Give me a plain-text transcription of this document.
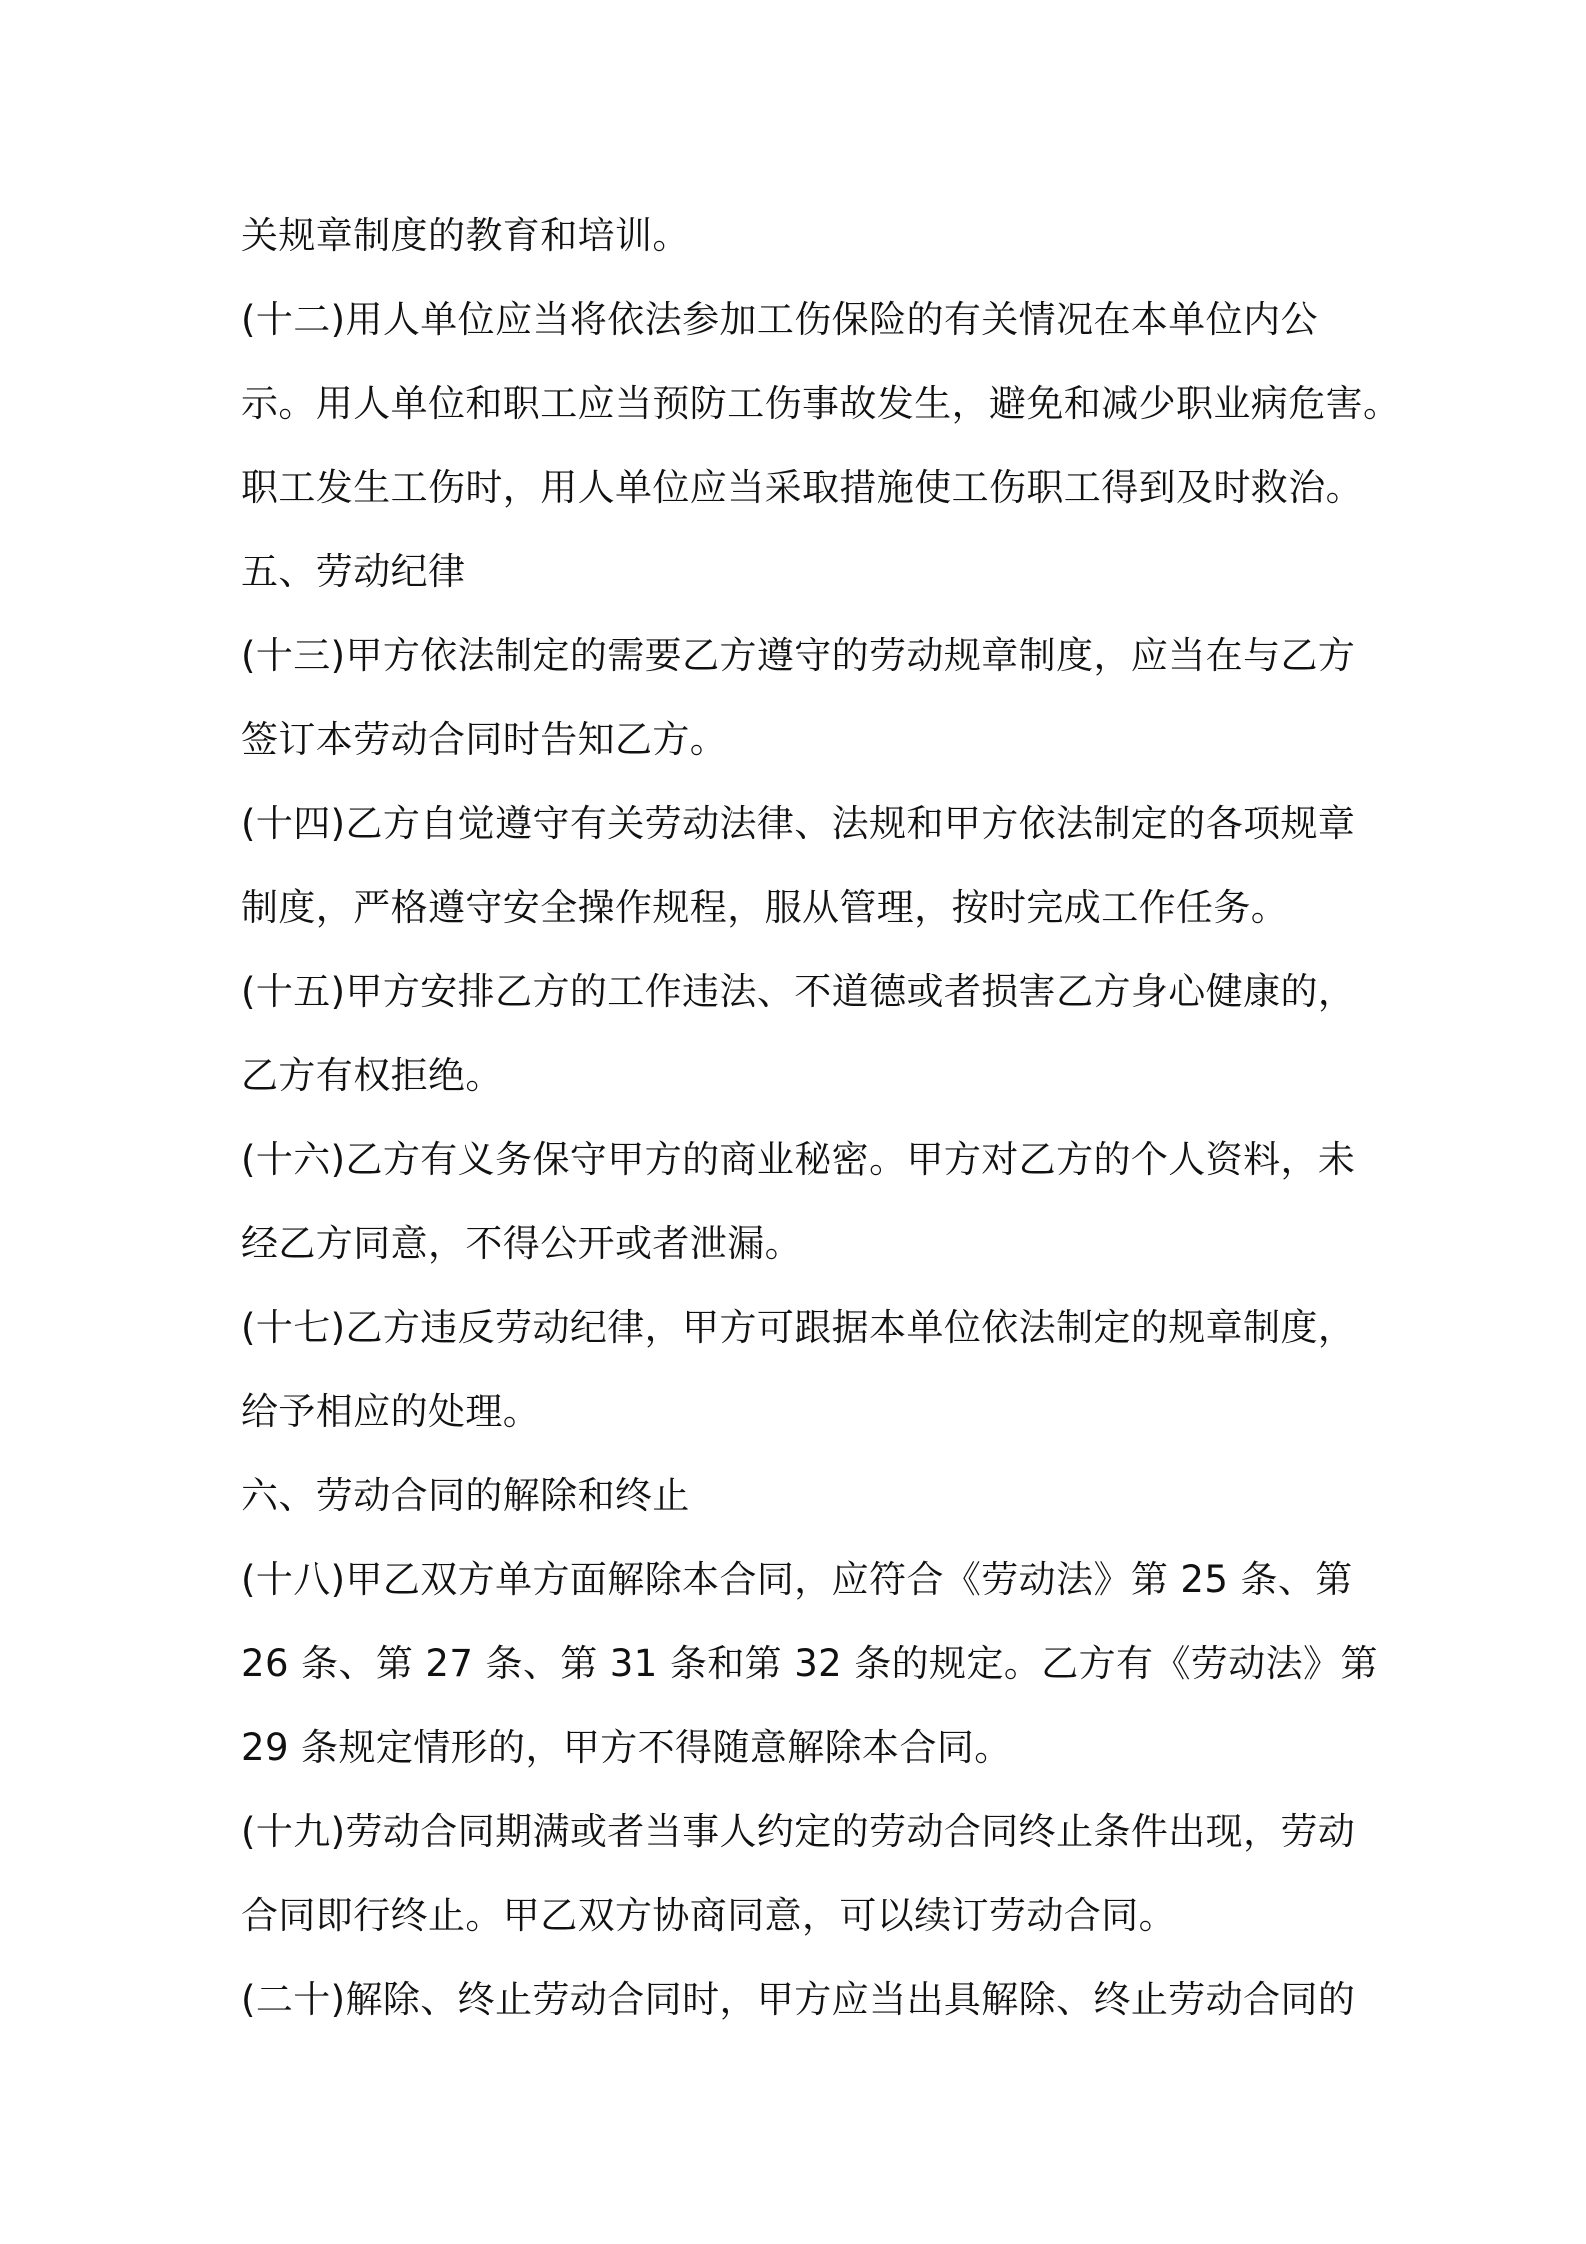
关规章制度的教育和培训。
(十二)用人单位应当将依法参加工伤保险的有关情况在本单位内公
示。用人单位和职工应当预防工伤事故发生，避免和减少职业病危害。
职工发生工伤时，用人单位应当采取措施使工伤职工得到及时救治。
五、劳动纪律
(十三)甲方依法制定的需要乙方遵守的劳动规章制度，应当在与乙方
签订本劳动合同时告知乙方。
(十四)乙方自觉遵守有关劳动法律、法规和甲方依法制定的各项规章
制度，严格遵守安全操作规程，服从管理，按时完成工作任务。
(十五)甲方安排乙方的工作违法、不道德或者损害乙方身心健康的，
乙方有权拒绝。
(十六)乙方有义务保守甲方的商业秘密。甲方对乙方的个人资料，未
经乙方同意，不得公开或者泄漏。
(十七)乙方违反劳动纪律，甲方可跟据本单位依法制定的规章制度，
给予相应的处理。
六、劳动合同的解除和终止
(十八)甲乙双方单方面解除本合同，应符合《劳动法》第 25 条、第
26 条、第 27 条、第 31 条和第 32 条的规定。乙方有《劳动法》第
29 条规定情形的，甲方不得随意解除本合同。
(十九)劳动合同期满或者当事人约定的劳动合同终止条件出现，劳动
合同即行终止。甲乙双方协商同意，可以续订劳动合同。
(二十)解除、终止劳动合同时，甲方应当出具解除、终止劳动合同的
